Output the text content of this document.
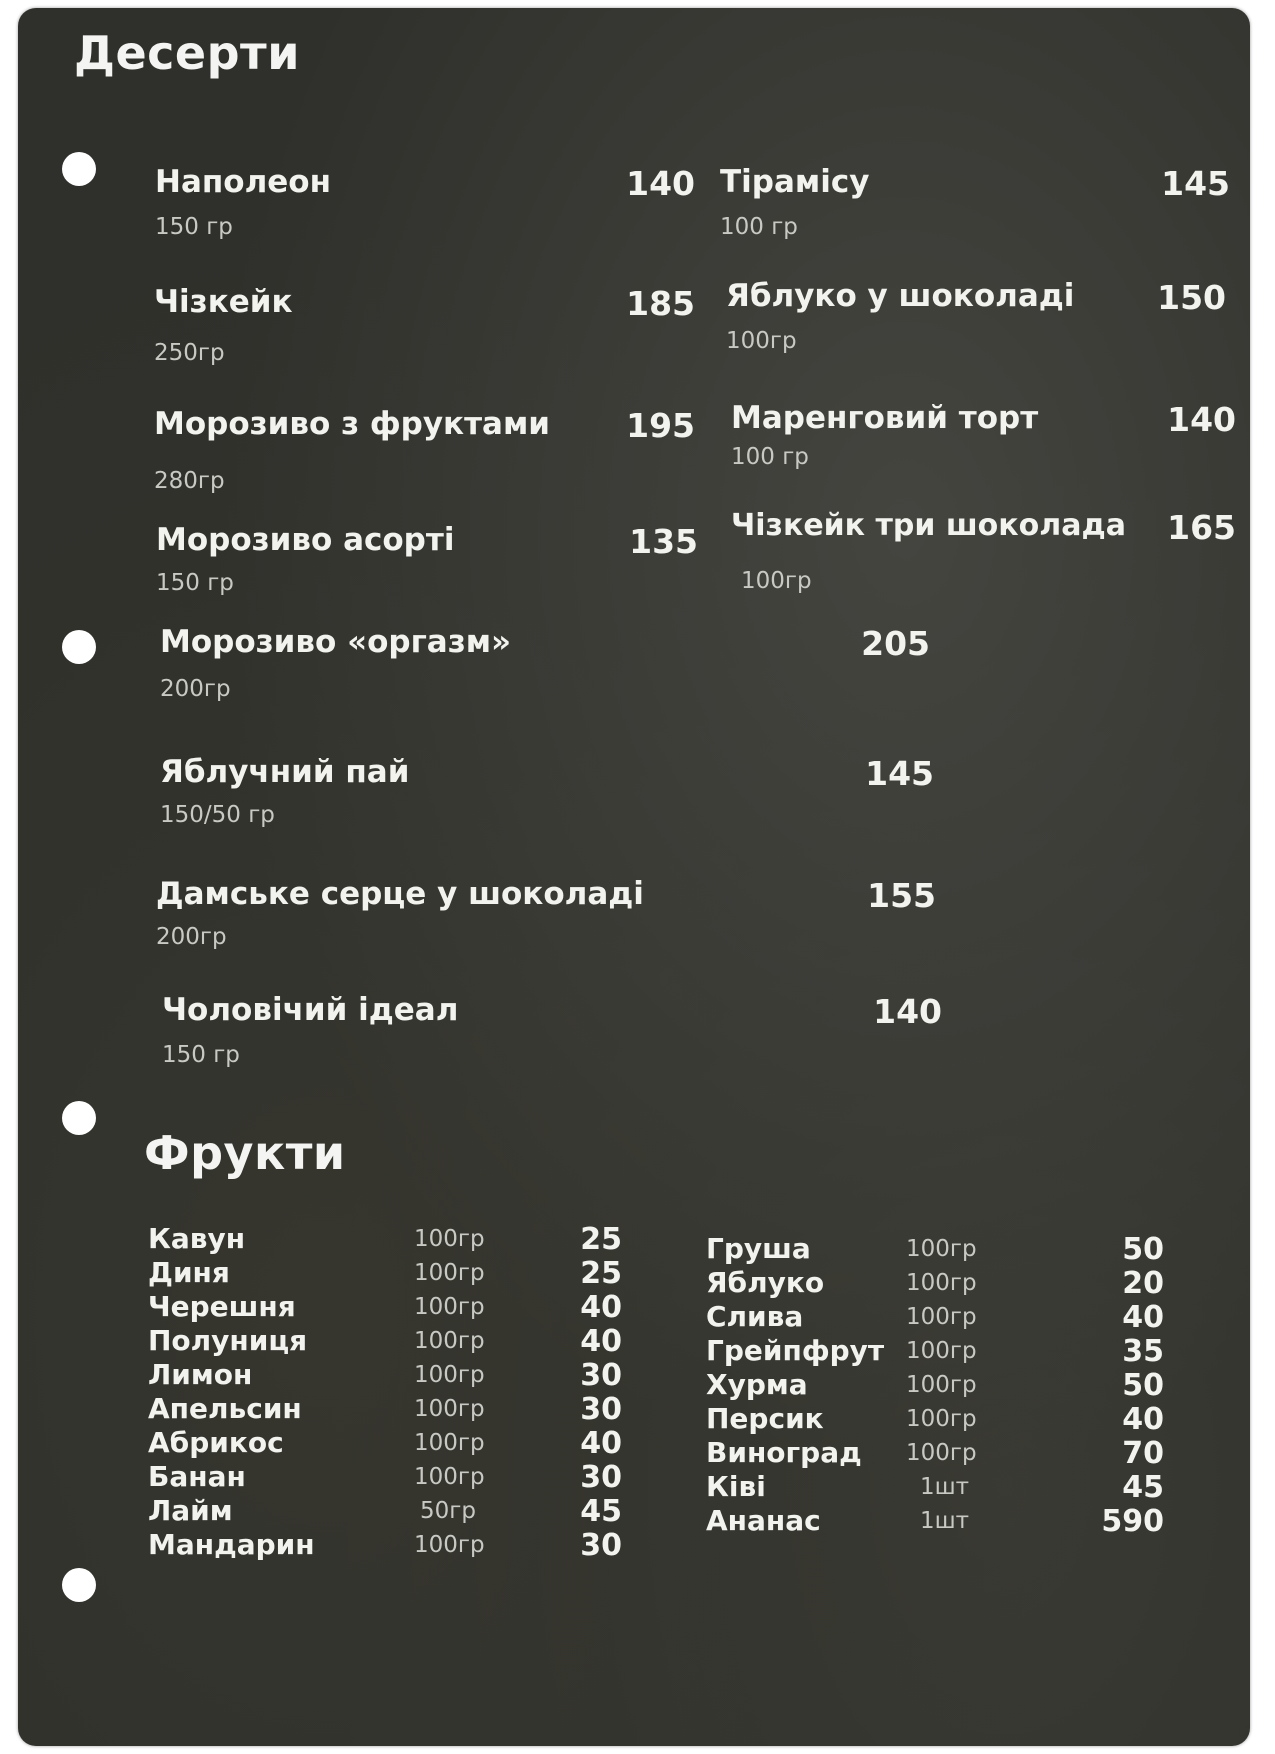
Десерти
Наполеон
150 гр
140
Чізкейк
250гр
185
Морозиво з фруктами
280гр
195
Морозиво асорті
150 гр
135
Тірамісу
100 гр
145
Яблуко у шоколаді
100гр
150
Маренговий торт
100 гр
140
Чізкейк три шоколада
100гр
165
Морозиво «оргазм»
200гр
205
Яблучний пай
150/50 гр
145
Дамське серце у шоколаді
200гр
155
Чоловічий ідеал
150 гр
140
Фрукти
Кавун	100гр	25
Диня	100гр	25
Черешня	100гр	40
Полуниця	100гр	40
Лимон	100гр	30
Апельсин	100гр	30
Абрикос	100гр	40
Банан	100гр	30
Лайм	50гр	45
Мандарин	100гр	30
Груша	100гр	50
Яблуко	100гр	20
Слива	100гр	40
Грейпфрут 100гр	35
Хурма	100гр	50
Персик	100гр	40
Виноград 100гр	70
Ківі	1шт	45
Ананас	1шт	590
